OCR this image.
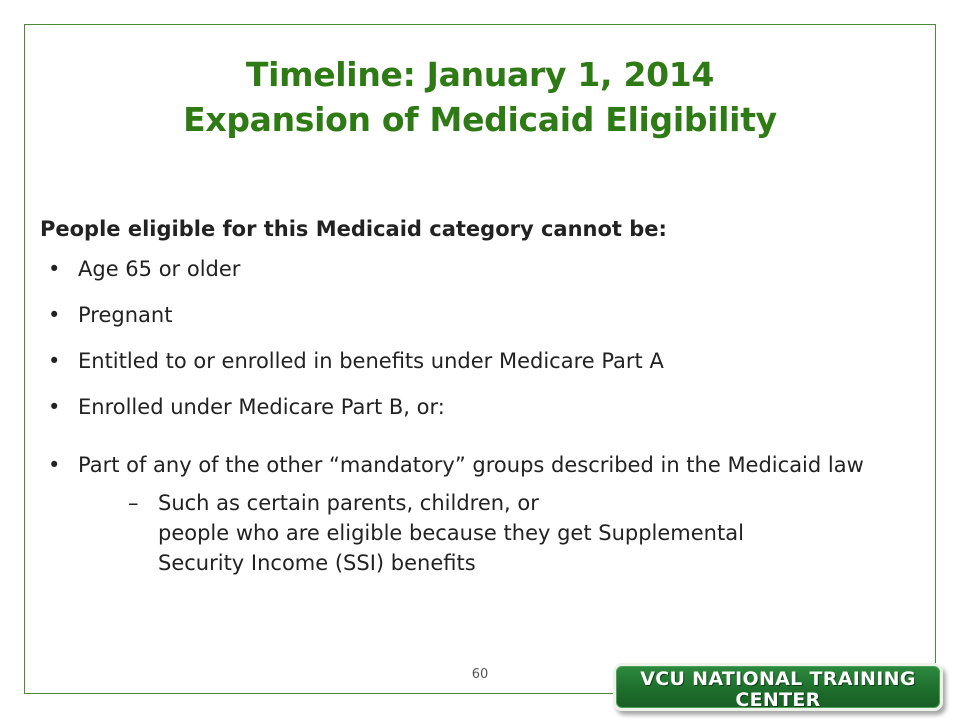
Timeline: January 1, 2014
Expansion of Medicaid Eligibility

People eligible for this Medicaid category cannot be:

• Age 65 or older
• Pregnant
• Entitled to or enrolled in benefits under Medicare Part A
• Enrolled under Medicare Part B, or:
• Part of any of the other “mandatory” groups described in the Medicaid law
– Such as certain parents, children, or
people who are eligible because they get Supplemental
Security Income (SSI) benefits
60	VCU NATIONAL TRAINING
CENTER
